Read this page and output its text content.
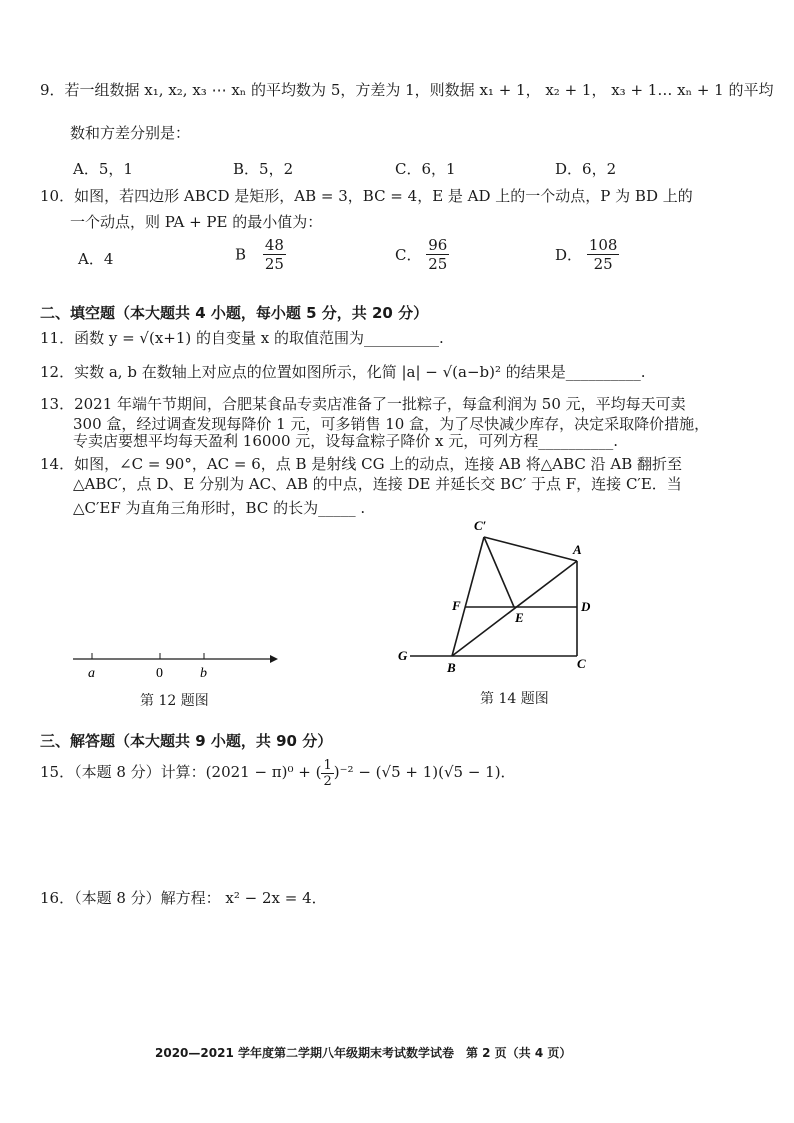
9．若一组数据 x₁, x₂, x₃ ⋯ xₙ 的平均数为 5，方差为 1，则数据 x₁ + 1， x₂ + 1， x₃ + 1… xₙ + 1 的平均
数和方差分别是：
A．5，1	B．5，2	C．6，1	D．6，2
10．如图，若四边形 ABCD 是矩形，AB = 3，BC = 4，E 是 AD 上的一个动点，P 为 BD 上的
一个动点，则 PA + PE 的最小值为：
A．4	B $\frac{48}{25}$	C． $\frac{96}{25}$	D． $\frac{108}{25}$
二、填空题（本大题共 4 小题，每小题 5 分，共 20 分）
11．函数 y = √(x+1) 的自变量 x 的取值范围为__________.
12．实数 a, b 在数轴上对应点的位置如图所示，化简 |a| − √(a−b)² 的结果是__________.
13．2021 年端午节期间，合肥某食品专卖店准备了一批粽子，每盒利润为 50 元，平均每天可卖
300 盒，经过调查发现每降价 1 元，可多销售 10 盒，为了尽快减少库存，决定采取降价措施，
专卖店要想平均每天盈利 16000 元，设每盒粽子降价 x 元，可列方程__________.
14．如图，∠C = 90°，AC = 6，点 B 是射线 CG 上的动点，连接 AB 将△ABC 沿 AB 翻折至
△ABC′，点 D、E 分别为 AC、AB 的中点，连接 DE 并延长交 BC′ 于点 F，连接 C′E．当
△C′EF 为直角三角形时，BC 的长为_____ .
a	0	b
第 12 题图
C′
A
F
E
D
G
B	C
第 14 题图
三、解答题（本大题共 9 小题，共 90 分）
15．（本题 8 分）计算：(2021 − π)⁰ + ( $\frac{1}{2} )^{-2} - (√5 + 1)(√5 - 1)$．
16．（本题 8 分）解方程： x² − 2x = 4．
2020—2021 学年度第二学期八年级期末考试数学试卷　第 2 页（共 4 页）
